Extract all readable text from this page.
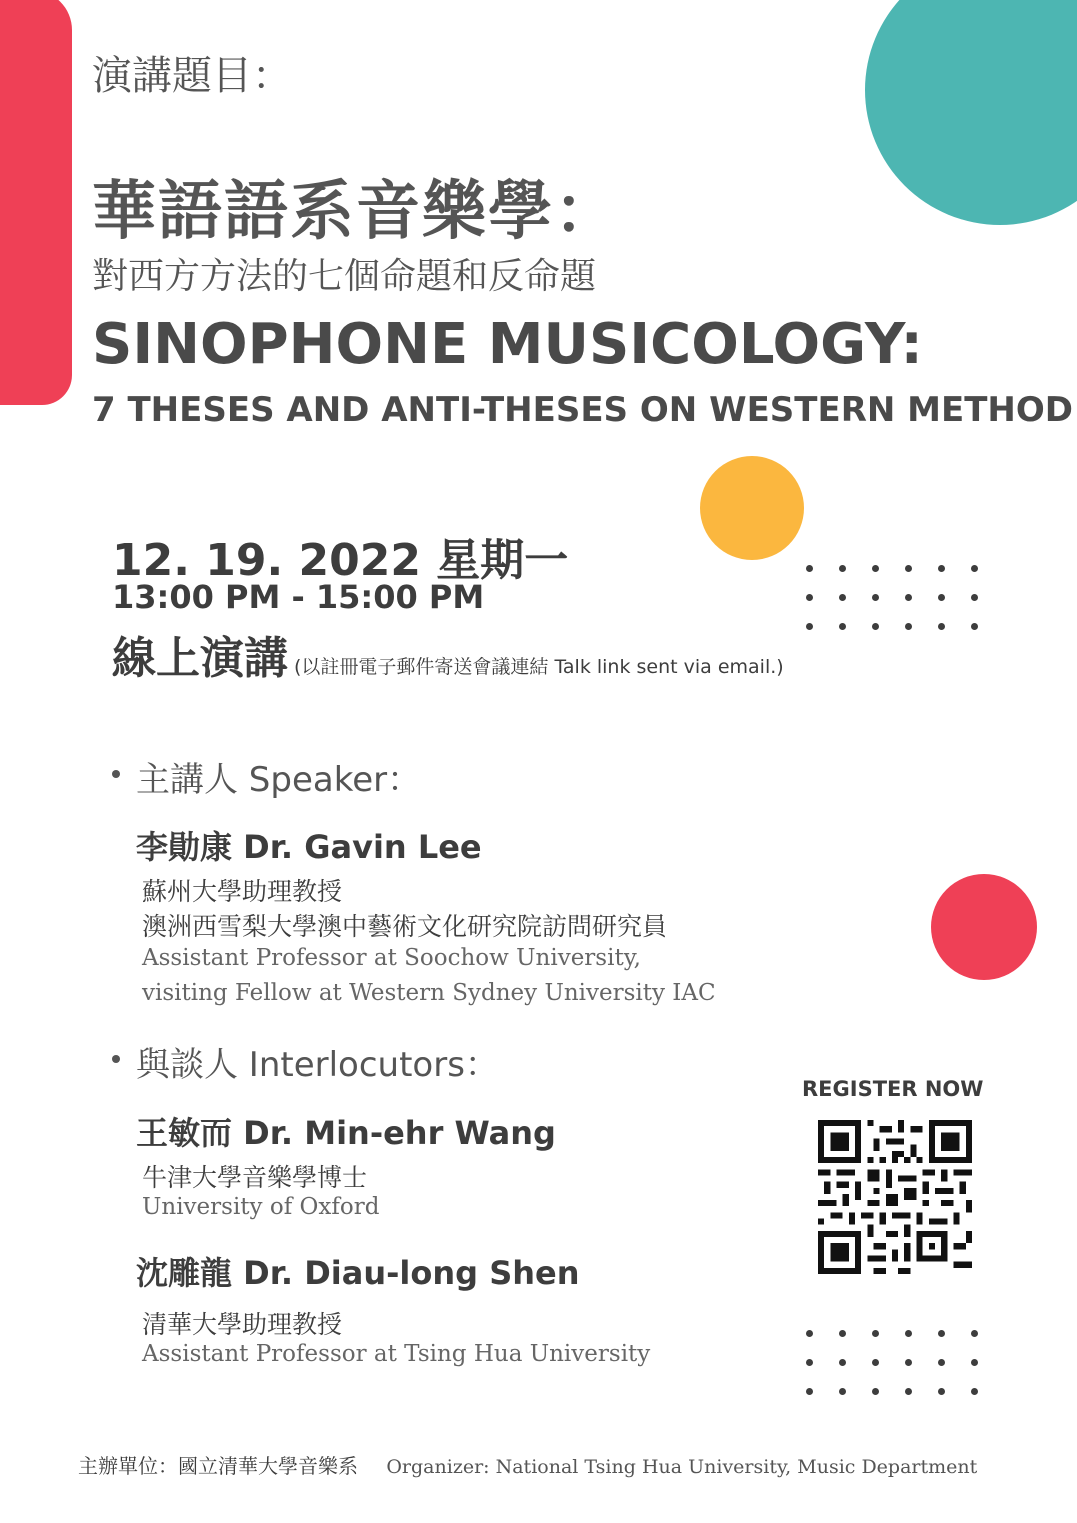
演講題目：
華語語系音樂學：
對西方方法的七個命題和反命題
SINOPHONE MUSICOLOGY:
7 THESES AND ANTI-THESES ON WESTERN METHOD
12. 19. 2022 星期一
13:00 PM - 15:00 PM
線上演講 (以註冊電子郵件寄送會議連結 Talk link sent via email.)
主講人 Speaker：
李勛康 Dr. Gavin Lee
蘇州大學助理教授
澳洲西雪梨大學澳中藝術文化研究院訪問研究員
Assistant Professor at Soochow University,
visiting Fellow at Western Sydney University IAC
與談人 Interlocutors：
王敏而 Dr. Min-ehr Wang
牛津大學音樂學博士
University of Oxford
沈雕龍 Dr. Diau-long Shen
清華大學助理教授
Assistant Professor at Tsing Hua University
REGISTER NOW
主辦單位：國立清華大學音樂系 Organizer: National Tsing Hua University, Music Department
